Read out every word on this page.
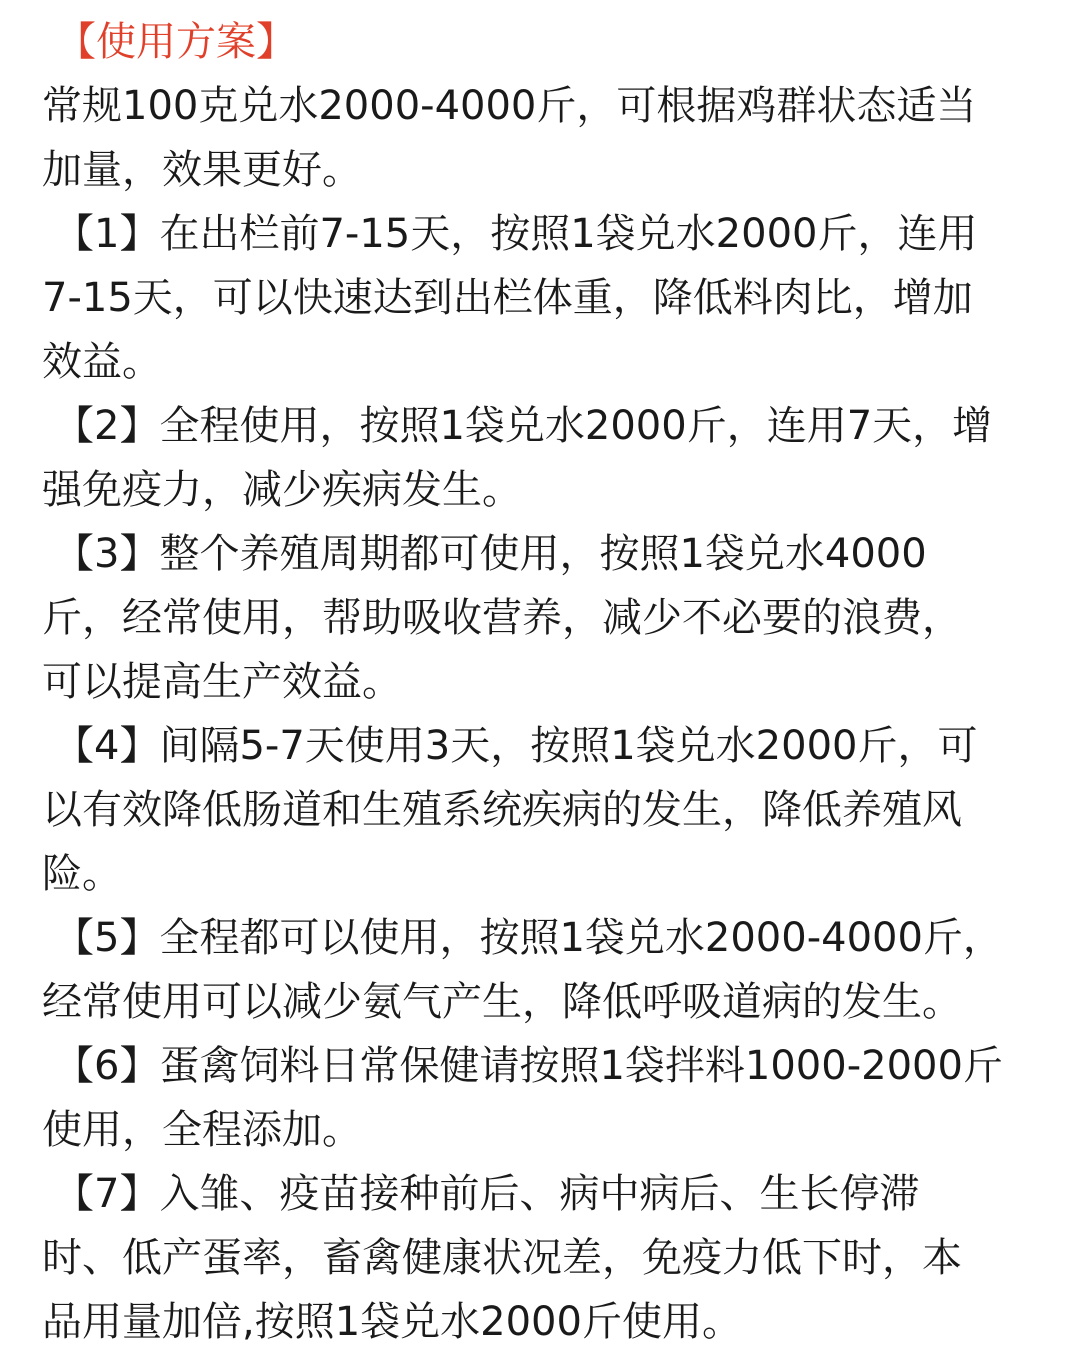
【使用方案】
常规100克兑水2000-4000斤，可根据鸡群状态适当
加量，效果更好。
【1】在出栏前7-15天，按照1袋兑水2000斤，连用
7-15天，可以快速达到出栏体重，降低料肉比，增加
效益。
【2】全程使用，按照1袋兑水2000斤，连用7天，增
强免疫力，减少疾病发生。
【3】整个养殖周期都可使用，按照1袋兑水4000
斤，经常使用，帮助吸收营养，减少不必要的浪费，
可以提高生产效益。
【4】间隔5-7天使用3天，按照1袋兑水2000斤，可
以有效降低肠道和生殖系统疾病的发生，降低养殖风
险。
【5】全程都可以使用，按照1袋兑水2000-4000斤，
经常使用可以减少氨气产生，降低呼吸道病的发生。
【6】蛋禽饲料日常保健请按照1袋拌料1000-2000斤
使用，全程添加。
【7】入雏、疫苗接种前后、病中病后、生长停滞
时、低产蛋率，畜禽健康状况差，免疫力低下时，本
品用量加倍,按照1袋兑水2000斤使用。
